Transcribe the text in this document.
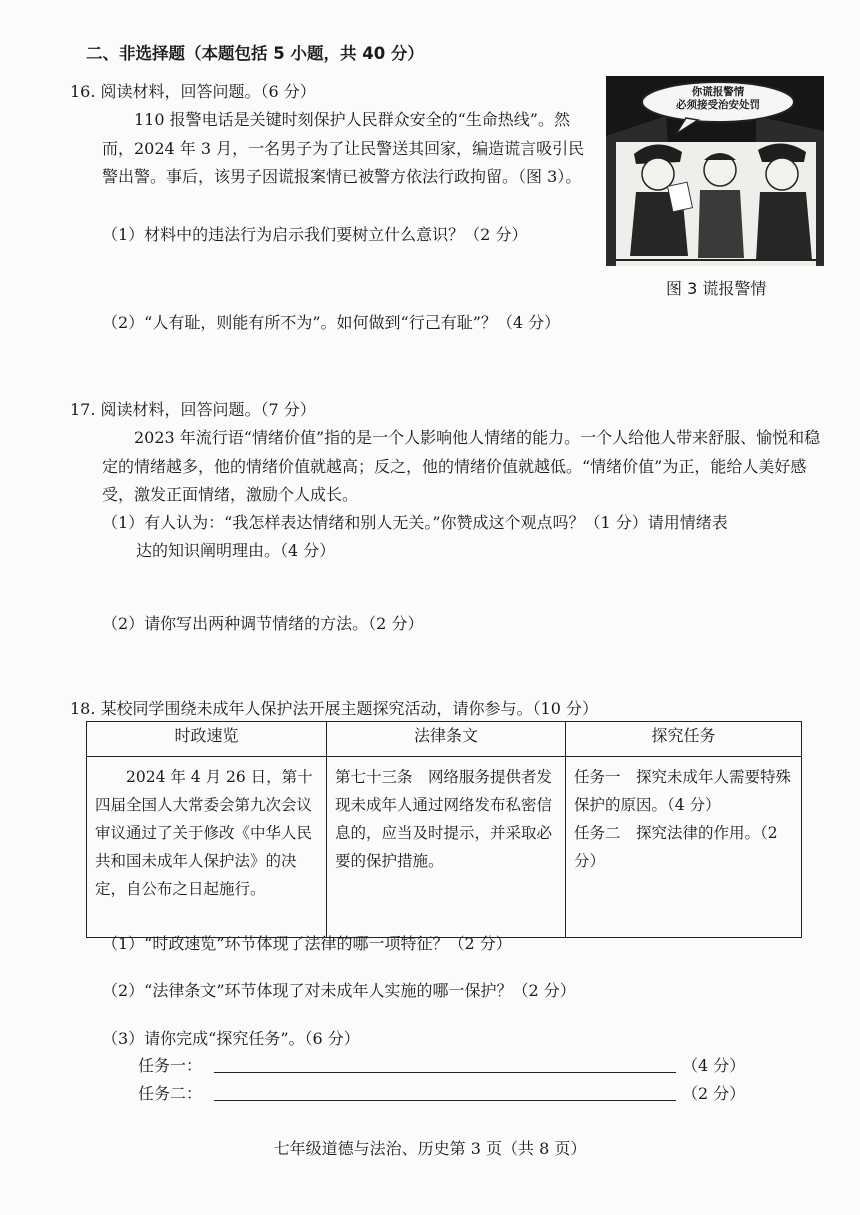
二、非选择题（本题包括 5 小题，共 40 分）
16. 阅读材料，回答问题。（6 分）
110 报警电话是关键时刻保护人民群众安全的“生命热线”。然而，2024 年 3 月，一名男子为了让民警送其回家，编造谎言吸引民警出警。事后，该男子因谎报案情已被警方依法行政拘留。（图 3）。
（1）材料中的违法行为启示我们要树立什么意识？（2 分）
（2）“人有耻，则能有所不为”。如何做到“行己有耻”？（4 分）
你谎报警情
必须接受治安处罚
图 3 谎报警情
17. 阅读材料，回答问题。（7 分）
2023 年流行语“情绪价值”指的是一个人影响他人情绪的能力。一个人给他人带来舒服、愉悦和稳定的情绪越多，他的情绪价值就越高；反之，他的情绪价值就越低。“情绪价值”为正，能给人美好感受，激发正面情绪，激励个人成长。
（1）有人认为：“我怎样表达情绪和别人无关。”你赞成这个观点吗？（1 分）请用情绪表
达的知识阐明理由。（4 分）
（2）请你写出两种调节情绪的方法。（2 分）
18. 某校同学围绕未成年人保护法开展主题探究活动，请你参与。（10 分）
时政速览	法律条文	探究任务
2024 年 4 月 26 日，第十四届全国人大常委会第九次会议审议通过了关于修改《中华人民共和国未成年人保护法》的决定，自公布之日起施行。	第七十三条　网络服务提供者发现未成年人通过网络发布私密信息的，应当及时提示，并采取必要的保护措施。	任务一　探究未成年人需要特殊保护的原因。（4 分）
任务二　探究法律的作用。（2 分）
（1）“时政速览”环节体现了法律的哪一项特征？（2 分）
（2）“法律条文”环节体现了对未成年人实施的哪一保护？（2 分）
（3）请你完成“探究任务”。（6 分）
任务一：	（4 分）
任务二：	（2 分）
七年级道德与法治、历史第 3 页（共 8 页）
